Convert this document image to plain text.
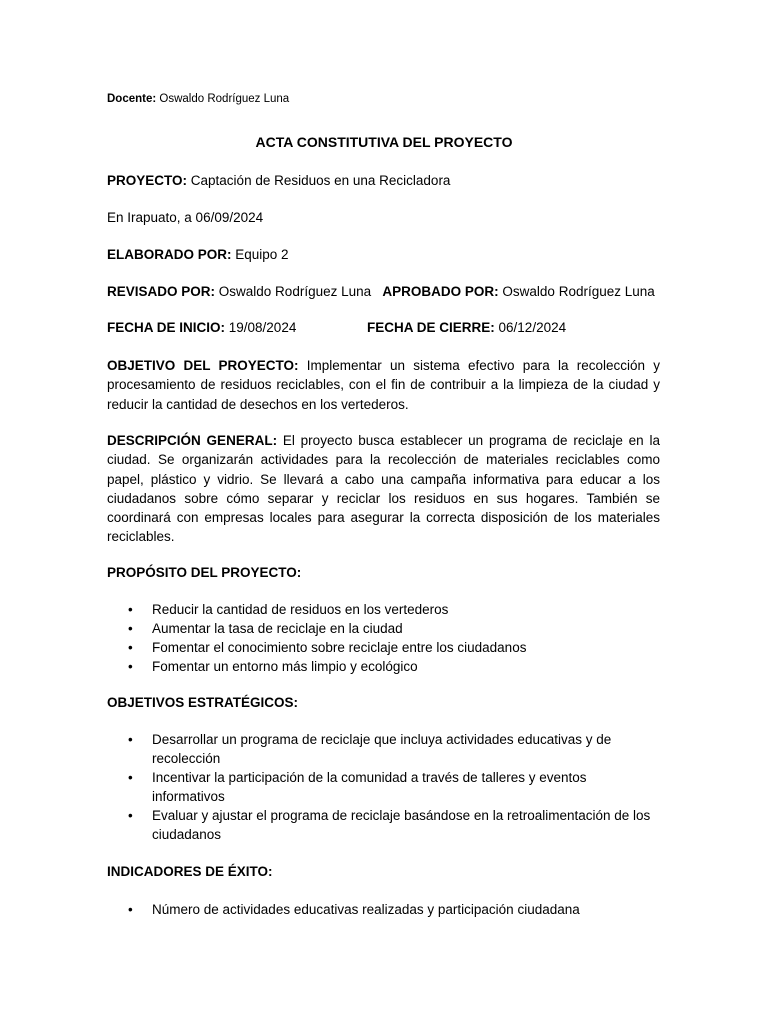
Docente: Oswaldo Rodríguez Luna
ACTA CONSTITUTIVA DEL PROYECTO
PROYECTO: Captación de Residuos en una Recicladora
En Irapuato, a 06/09/2024
ELABORADO POR: Equipo 2
REVISADO POR: Oswaldo Rodríguez Luna APROBADO POR: Oswaldo Rodríguez Luna
FECHA DE INICIO: 19/08/2024	FECHA DE CIERRE: 06/12/2024
OBJETIVO DEL PROYECTO: Implementar un sistema efectivo para la recolección y procesamiento de residuos reciclables, con el fin de contribuir a la limpieza de la ciudad y reducir la cantidad de desechos en los vertederos.
DESCRIPCIÓN GENERAL: El proyecto busca establecer un programa de reciclaje en la ciudad. Se organizarán actividades para la recolección de materiales reciclables como papel, plástico y vidrio. Se llevará a cabo una campaña informativa para educar a los ciudadanos sobre cómo separar y reciclar los residuos en sus hogares. También se coordinará con empresas locales para asegurar la correcta disposición de los materiales reciclables.
PROPÓSITO DEL PROYECTO:
• Reducir la cantidad de residuos en los vertederos
• Aumentar la tasa de reciclaje en la ciudad
• Fomentar el conocimiento sobre reciclaje entre los ciudadanos
• Fomentar un entorno más limpio y ecológico
OBJETIVOS ESTRATÉGICOS:
• Desarrollar un programa de reciclaje que incluya actividades educativas y de recolección
• Incentivar la participación de la comunidad a través de talleres y eventos informativos
• Evaluar y ajustar el programa de reciclaje basándose en la retroalimentación de los ciudadanos
INDICADORES DE ÉXITO:
• Número de actividades educativas realizadas y participación ciudadana
